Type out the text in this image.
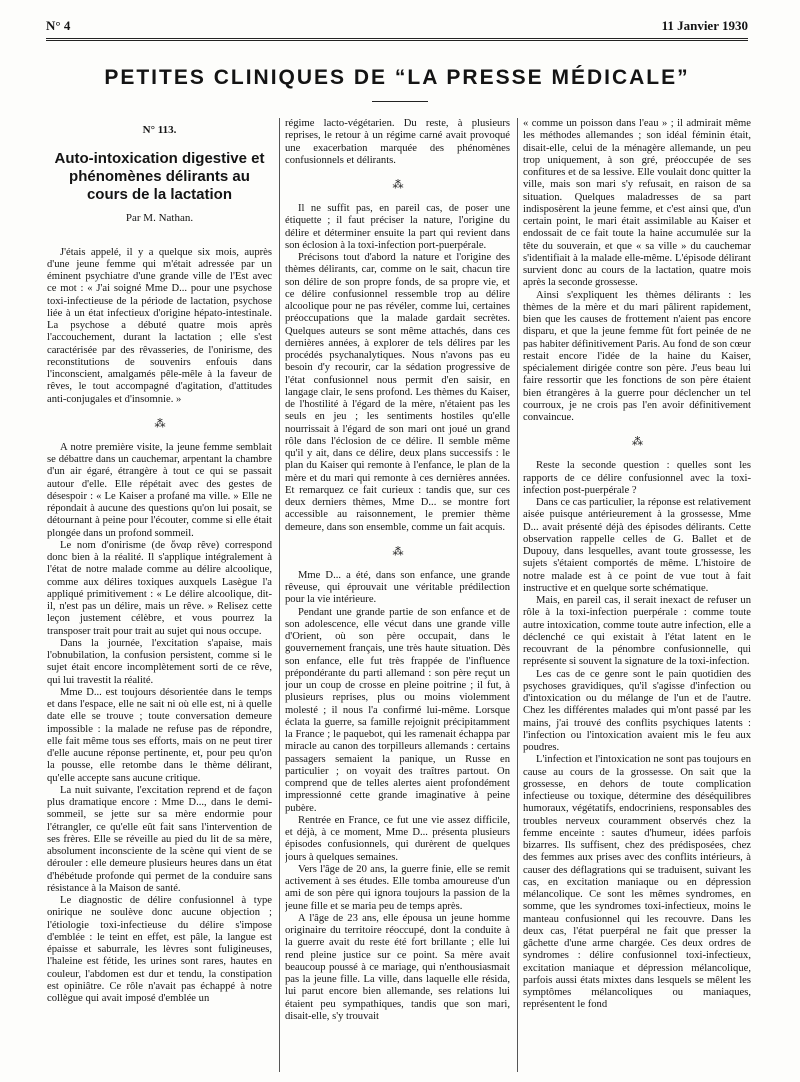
N° 4	11 Janvier 1930
PETITES CLINIQUES DE “LA PRESSE MÉDICALE”
N° 113.
Auto-intoxication digestive et phénomènes délirants au cours de la lactation
Par M. Nathan.

J'étais appelé, il y a quelque six mois, auprès d'une jeune femme qui m'était adressée par un éminent psychiatre d'une grande ville de l'Est avec ce mot : « J'ai soigné Mme D... pour une psychose toxi-infectieuse de la période de lactation, psychose liée à un état infectieux d'origine hépato-intestinale. La psychose a débuté quatre mois après l'accouchement, durant la lactation ; elle s'est caractérisée par des rêvasseries, de l'onirisme, des reconstitutions de souvenirs enfouis dans l'inconscient, amalgamés pêle-mêle à la faveur de rêves, le tout accompagné d'agitation, d'attitudes anti-conjugales et d'insomnie. »

⁂

A notre première visite, la jeune femme semblait se débattre dans un cauchemar, arpentant la chambre d'un air égaré, étrangère à tout ce qui se passait autour d'elle. Elle répétait avec des gestes de désespoir : « Le Kaiser a profané ma ville. » Elle ne répondait à aucune des questions qu'on lui posait, se détournant à peine pour l'écouter, comme si elle était plongée dans un profond sommeil.

Le nom d'onirisme (de ὄναρ rêve) correspond donc bien à la réalité. Il s'applique intégralement à l'état de notre malade comme au délire alcoolique, comme aux délires toxiques auxquels Lasègue l'a appliqué primitivement : « Le délire alcoolique, dit-il, n'est pas un délire, mais un rêve. » Relisez cette leçon justement célèbre, et vous pourrez la transposer trait pour trait au sujet qui nous occupe.

Dans la journée, l'excitation s'apaise, mais l'obnubilation, la confusion persistent, comme si le sujet était encore incomplètement sorti de ce rêve, qui lui travestit la réalité.

Mme D... est toujours désorientée dans le temps et dans l'espace, elle ne sait ni où elle est, ni à quelle date elle se trouve ; toute conversation demeure impossible : la malade ne refuse pas de répondre, elle fait même tous ses efforts, mais on ne peut tirer d'elle aucune réponse pertinente, et, pour peu qu'on la pousse, elle retombe dans le thème délirant, qu'elle accepte sans aucune critique.

La nuit suivante, l'excitation reprend et de façon plus dramatique encore : Mme D..., dans le demi-sommeil, se jette sur sa mère endormie pour l'étrangler, ce qu'elle eût fait sans l'intervention de ses frères. Elle se réveille au pied du lit de sa mère, absolument inconsciente de la scène qui vient de se dérouler : elle demeure plusieurs heures dans un état d'hébétude profonde qui permet de la conduire sans résistance à la Maison de santé.

Le diagnostic de délire confusionnel à type onirique ne soulève donc aucune objection ; l'étiologie toxi-infectieuse du délire s'impose d'emblée : le teint en effet, est pâle, la langue est épaisse et saburrale, les lèvres sont fuligineuses, l'haleine est fétide, les urines sont rares, hautes en couleur, l'abdomen est dur et tendu, la constipation est opiniâtre. Ce rôle n'avait pas échappé à notre collègue qui avait imposé d'emblée un

régime lacto-végétarien. Du reste, à plusieurs reprises, le retour à un régime carné avait provoqué une exacerbation marquée des phénomènes confusionnels et délirants.

⁂

Il ne suffit pas, en pareil cas, de poser une étiquette ; il faut préciser la nature, l'origine du délire et déterminer ensuite la part qui revient dans son éclosion à la toxi-infection port-puerpérale.

Précisons tout d'abord la nature et l'origine des thèmes délirants, car, comme on le sait, chacun tire son délire de son propre fonds, de sa propre vie, et ce délire confusionnel ressemble trop au délire alcoolique pour ne pas révéler, comme lui, certaines préoccupations que la malade gardait secrètes. Quelques auteurs se sont même attachés, dans ces dernières années, à explorer de tels délires par les procédés psychanalytiques. Nous n'avons pas eu besoin d'y recourir, car la sédation progressive de l'état confusionnel nous permit d'en saisir, en langage clair, le sens profond. Les thèmes du Kaiser, de l'hostilité à l'égard de la mère, n'étaient pas les seuls en jeu ; les sentiments hostiles qu'elle nourrissait à l'égard de son mari ont joué un grand rôle dans l'éclosion de ce délire. Il semble même qu'il y ait, dans ce délire, deux plans successifs : le plan du Kaiser qui remonte à l'enfance, le plan de la mère et du mari qui remonte à ces dernières années. Et remarquez ce fait curieux : tandis que, sur ces deux derniers thèmes, Mme D... se montre fort accessible au raisonnement, le premier thème demeure, dans son ensemble, comme un fait acquis.

⁂

Mme D... a été, dans son enfance, une grande rêveuse, qui éprouvait une véritable prédilection pour la vie intérieure.

Pendant une grande partie de son enfance et de son adolescence, elle vécut dans une grande ville d'Orient, où son père occupait, dans le gouvernement français, une très haute situation. Dès son enfance, elle fut très frappée de l'influence prépondérante du parti allemand : son père reçut un jour un coup de crosse en pleine poitrine ; il fut, à plusieurs reprises, plus ou moins violemment molesté ; il nous l'a confirmé lui-même. Lorsque éclata la guerre, sa famille rejoignit précipitamment la France ; le paquebot, qui les ramenait échappa par miracle au canon des torpilleurs allemands : certains passagers semaient la panique, un Russe en particulier ; on voyait des traîtres partout. On comprend que de telles alertes aient profondément impressionné cette grande imaginative à peine pubère.

Rentrée en France, ce fut une vie assez difficile, et déjà, à ce moment, Mme D... présenta plusieurs épisodes confusionnels, qui durèrent de quelques jours à quelques semaines.

Vers l'âge de 20 ans, la guerre finie, elle se remit activement à ses études. Elle tomba amoureuse d'un ami de son père qui ignora toujours la passion de la jeune fille et se maria peu de temps après.

A l'âge de 23 ans, elle épousa un jeune homme originaire du territoire réoccupé, dont la conduite à la guerre avait du reste été fort brillante ; elle lui rend pleine justice sur ce point. Sa mère avait beaucoup poussé à ce mariage, qui n'enthousiasmait pas la jeune fille. La ville, dans laquelle elle résida, lui parut encore bien allemande, ses relations lui étaient peu sympathiques, tandis que son mari, disait-elle, s'y trouvait

« comme un poisson dans l'eau » ; il admirait même les méthodes allemandes ; son idéal féminin était, disait-elle, celui de la ménagère allemande, un peu trop uniquement, à son gré, préoccupée de ses confitures et de sa lessive. Elle voulait donc quitter la ville, mais son mari s'y refusait, en raison de sa situation. Quelques maladresses de sa part indisposèrent la jeune femme, et c'est ainsi que, d'un certain point, le mari était assimilable au Kaiser et endossait de ce fait toute la haine accumulée sur la tête du souverain, et que « sa ville » du cauchemar s'identifiait à la malade elle-même. L'épisode délirant survient donc au cours de la lactation, quatre mois après la seconde grossesse.

Ainsi s'expliquent les thèmes délirants : les thèmes de la mère et du mari pâlirent rapidement, bien que les causes de frottement n'aient pas encore disparu, et que la jeune femme fût fort peinée de ne pas habiter définitivement Paris. Au fond de son cœur restait encore l'idée de la haine du Kaiser, spécialement dirigée contre son père. J'eus beau lui faire ressortir que les fonctions de son père étaient bien étrangères à la guerre pour déclencher un tel courroux, je ne crois pas l'en avoir définitivement convaincue.

⁂

Reste la seconde question : quelles sont les rapports de ce délire confusionnel avec la toxi-infection post-puerpérale ?

Dans ce cas particulier, la réponse est relativement aisée puisque antérieurement à la grossesse, Mme D... avait présenté déjà des épisodes délirants. Cette observation rappelle celles de G. Ballet et de Dupouy, dans lesquelles, avant toute grossesse, les sujets s'étaient comportés de même. L'histoire de notre malade est à ce point de vue tout à fait instructive et en quelque sorte schématique.

Mais, en pareil cas, il serait inexact de refuser un rôle à la toxi-infection puerpérale : comme toute autre intoxication, comme toute autre infection, elle a déclenché ce qui existait à l'état latent en le recouvrant de la pénombre confusionnelle, qui représente si souvent la signature de la toxi-infection.

Les cas de ce genre sont le pain quotidien des psychoses gravidiques, qu'il s'agisse d'infection ou d'intoxication ou du mélange de l'un et de l'autre. Chez les différentes malades qui m'ont passé par les mains, j'ai trouvé des conflits psychiques latents : l'infection ou l'intoxication avaient mis le feu aux poudres.

L'infection et l'intoxication ne sont pas toujours en cause au cours de la grossesse. On sait que la grossesse, en dehors de toute complication infectieuse ou toxique, détermine des déséquilibres humoraux, végétatifs, endocriniens, responsables des troubles nerveux couramment observés chez la femme enceinte : sautes d'humeur, idées parfois bizarres. Ils suffisent, chez des prédisposées, chez des femmes aux prises avec des conflits intérieurs, à causer des déflagrations qui se traduisent, suivant les cas, en excitation maniaque ou en dépression mélancolique. Ce sont les mêmes syndromes, en somme, que les syndromes toxi-infectieux, moins le manteau confusionnel qui les recouvre. Dans les deux cas, l'état puerpéral ne fait que presser la gâchette d'une arme chargée. Ces deux ordres de syndromes : délire confusionnel toxi-infectieux, excitation maniaque et dépression mélancolique, parfois aussi états mixtes dans lesquels se mêlent les symptômes mélancoliques ou maniaques, représentent le fond
